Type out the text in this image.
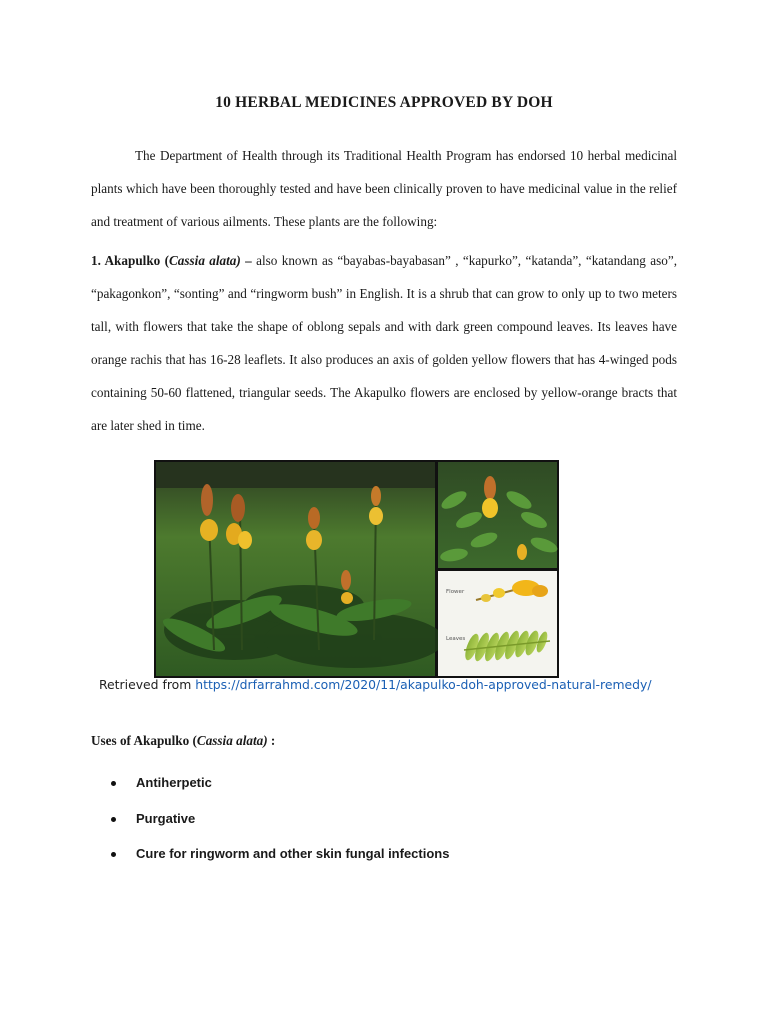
10 HERBAL MEDICINES APPROVED BY DOH

The Department of Health through its Traditional Health Program has endorsed 10 herbal medicinal plants which have been thoroughly tested and have been clinically proven to have medicinal value in the relief and treatment of various ailments. These plants are the following:

1. Akapulko (Cassia alata) – also known as “bayabas-bayabasan” , “kapurko”, “katanda”, “katandang aso”, “pakagonkon”, “sonting” and “ringworm bush” in English. It is a shrub that can grow to only up to two meters tall, with flowers that take the shape of oblong sepals and with dark green compound leaves. Its leaves have orange rachis that has 16-28 leaflets. It also produces an axis of golden yellow flowers that has 4-winged pods containing 50-60 flattened, triangular seeds. The Akapulko flowers are enclosed by yellow-orange bracts that are later shed in time.

Flower
Leaves
Retrieved from https://drfarrahmd.com/2020/11/akapulko-doh-approved-natural-remedy/
Uses of Akapulko (Cassia alata) :
Antiherpetic
Purgative
Cure for ringworm and other skin fungal infections
